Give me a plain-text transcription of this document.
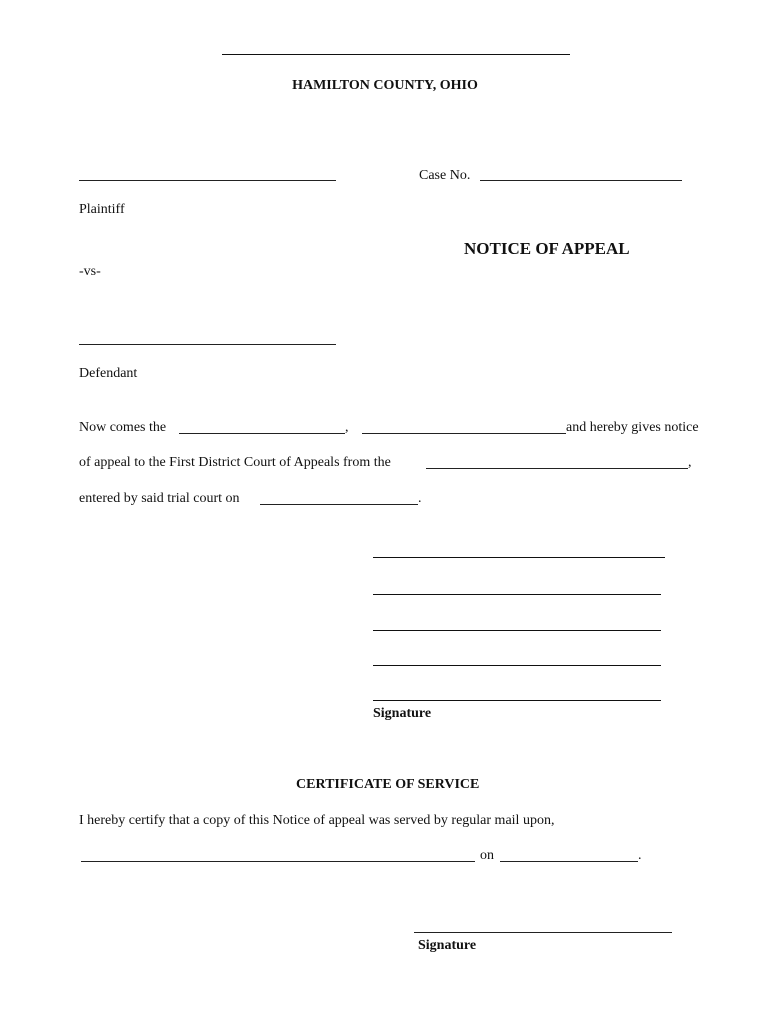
HAMILTON COUNTY, OHIO
Case No.
Plaintiff
NOTICE OF APPEAL
-vs-
Defendant
Now comes the	,	and hereby gives notice
of appeal to the First District Court of Appeals from the	,
entered by said trial court on	.
Signature
CERTIFICATE OF SERVICE
I hereby certify that a copy of this Notice of appeal was served by regular mail upon,
on	.
Signature
